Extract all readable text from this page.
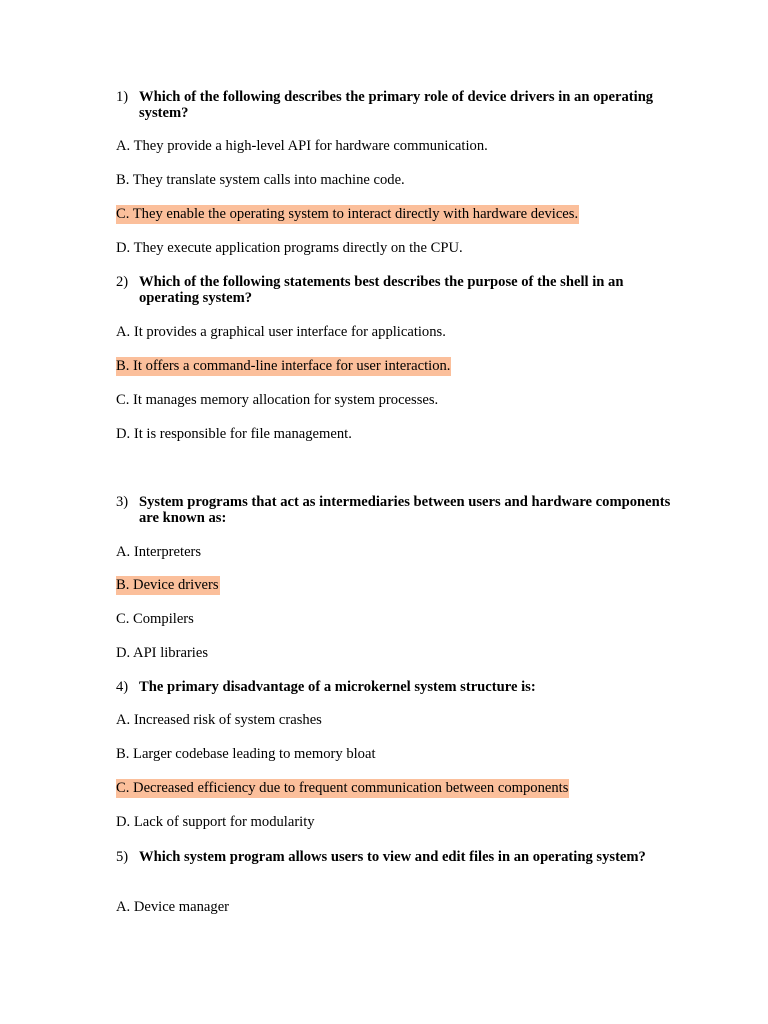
1) Which of the following describes the primary role of device drivers in an operating system?
A. They provide a high-level API for hardware communication.
B. They translate system calls into machine code.
C. They enable the operating system to interact directly with hardware devices.
D. They execute application programs directly on the CPU.
2) Which of the following statements best describes the purpose of the shell in an operating system?
A. It provides a graphical user interface for applications.
B. It offers a command-line interface for user interaction.
C. It manages memory allocation for system processes.
D. It is responsible for file management.
3) System programs that act as intermediaries between users and hardware components are known as:
A. Interpreters
B. Device drivers
C. Compilers
D. API libraries
4) The primary disadvantage of a microkernel system structure is:
A. Increased risk of system crashes
B. Larger codebase leading to memory bloat
C. Decreased efficiency due to frequent communication between components
D. Lack of support for modularity
5) Which system program allows users to view and edit files in an operating system?
A. Device manager
